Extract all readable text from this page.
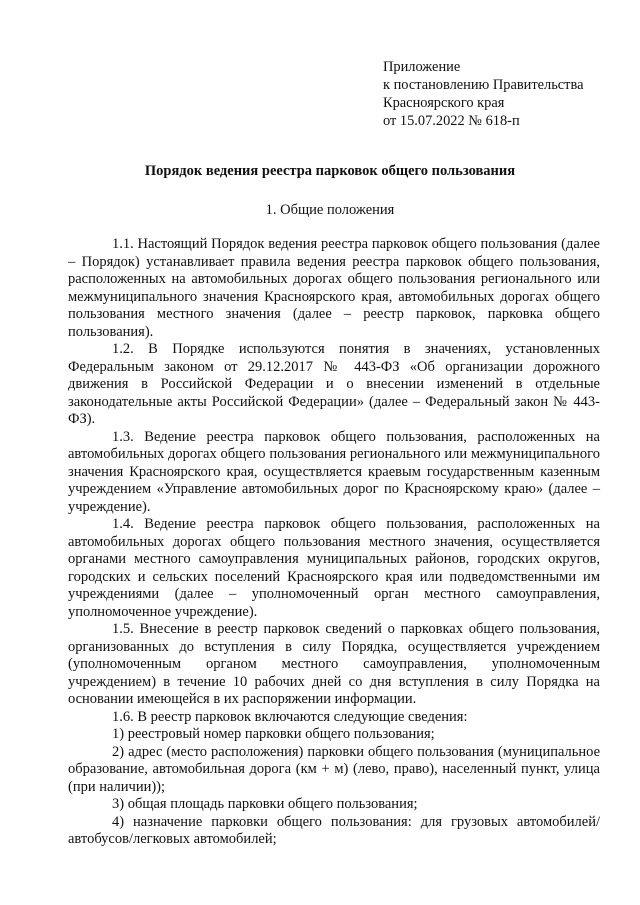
Приложение
к постановлению Правительства
Красноярского края
от 15.07.2022 № 618-п
Порядок ведения реестра парковок общего пользования
1. Общие положения

1.1. Настоящий Порядок ведения реестра парковок общего пользования (далее – Порядок) устанавливает правила ведения реестра парковок общего пользования, расположенных на автомобильных дорогах общего пользования регионального или межмуниципального значения Красноярского края, автомобильных дорогах общего пользования местного значения (далее – реестр парковок, парковка общего пользования).

1.2. В Порядке используются понятия в значениях, установленных Федеральным законом от 29.12.2017 № 443-ФЗ «Об организации дорожного движения в Российской Федерации и о внесении изменений в отдельные законодательные акты Российской Федерации» (далее – Федеральный закон № 443-ФЗ).

1.3. Ведение реестра парковок общего пользования, расположенных на автомобильных дорогах общего пользования регионального или межмуниципального значения Красноярского края, осуществляется краевым государственным казенным учреждением «Управление автомобильных дорог по Красноярскому краю» (далее – учреждение).

1.4. Ведение реестра парковок общего пользования, расположенных на автомобильных дорогах общего пользования местного значения, осуществляется органами местного самоуправления муниципальных районов, городских округов, городских и сельских поселений Красноярского края или подведомственными им учреждениями (далее – уполномоченный орган местного самоуправления, уполномоченное учреждение).

1.5. Внесение в реестр парковок сведений о парковках общего пользования, организованных до вступления в силу Порядка, осуществляется учреждением (уполномоченным органом местного самоуправления, уполномоченным учреждением) в течение 10 рабочих дней со дня вступления в силу Порядка на основании имеющейся в их распоряжении информации.

1.6. В реестр парковок включаются следующие сведения:

1) реестровый номер парковки общего пользования;

2) адрес (место расположения) парковки общего пользования (муниципальное образование, автомобильная дорога (км + м) (лево, право), населенный пункт, улица (при наличии));

3) общая площадь парковки общего пользования;

4) назначение парковки общего пользования: для грузовых автомобилей/автобусов/легковых автомобилей;
